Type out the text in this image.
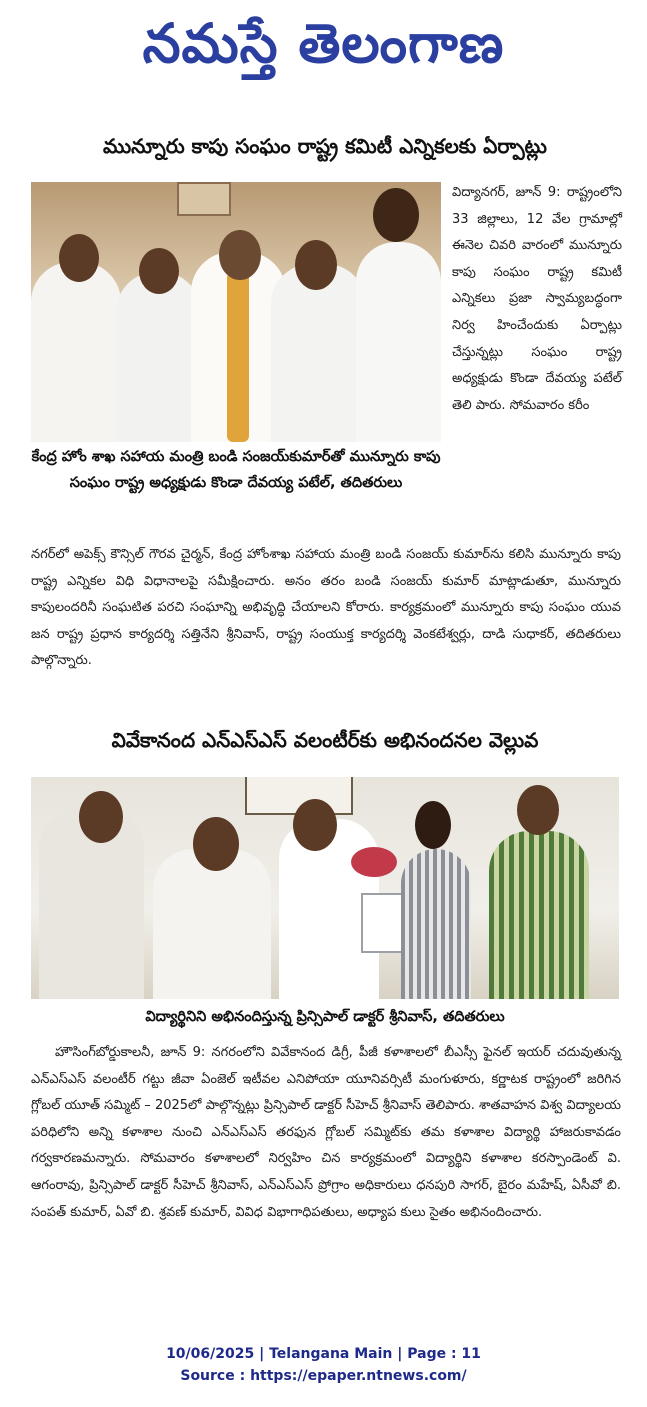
నమస్తే తెలంగాణ
మున్నూరు కాపు సంఘం రాష్ట్ర కమిటీ ఎన్నికలకు ఏర్పాట్లు
కేంద్ర హోం శాఖ సహాయ మంత్రి బండి సంజయ్‌కుమార్‌తో మున్నూరు కాపు సంఘం రాష్ట్ర అధ్యక్షుడు కొండా దేవయ్య పటేల్‌, తదితరులు

విద్యానగర్‌, జూన్‌ 9: రాష్ట్రంలోని 33 జిల్లాలు, 12 వేల గ్రామాల్లో ఈనెల చివరి వారంలో మున్నూరు కాపు సంఘం రాష్ట్ర కమిటీ ఎన్నికలు ప్రజా స్వామ్యబద్ధంగా నిర్వ హించేందుకు ఏర్పాట్లు చేస్తున్నట్లు సంఘం రాష్ట్ర అధ్యక్షుడు కొండా దేవయ్య పటేల్‌ తెలి పారు. సోమవారం కరీం

నగర్‌లో అపెక్స్‌ కౌన్సిల్‌ గౌరవ చైర్మన్‌, కేంద్ర హోంశాఖ సహాయ మంత్రి బండి సంజయ్‌ కుమార్‌ను కలిసి మున్నూరు కాపు రాష్ట్ర ఎన్నికల విధి విధానాలపై సమీక్షించారు. అనం తరం బండి సంజయ్‌ కుమార్‌ మాట్లాడుతూ, మున్నూరు కాపులందరినీ సంఘటిత పరచి సంఘాన్ని అభివృద్ధి చేయాలని కోరారు. కార్యక్రమంలో మున్నూరు కాపు సంఘం యువ జన రాష్ట్ర ప్రధాన కార్యదర్శి సత్తినేని శ్రీనివాస్‌, రాష్ట్ర సంయుక్త కార్యదర్శి వెంకటేశ్వర్లు, దాడి సుధాకర్‌, తదితరులు పాల్గొన్నారు.
వివేకానంద ఎన్‌ఎస్‌ఎస్‌ వలంటీర్‌కు అభినందనల వెల్లువ
విద్యార్థినిని అభినందిస్తున్న ప్రిన్సిపాల్‌ డాక్టర్‌ శ్రీనివాస్‌, తదితరులు
హౌసింగ్‌బోర్డుకాలనీ, జూన్‌ 9: నగరంలోని వివేకానంద డిగ్రీ, పీజీ కళాశాలలో బీఎస్సీ ఫైనల్‌ ఇయర్‌ చదువుతున్న ఎన్‌ఎస్‌ఎస్‌ వలంటీర్‌ గట్టు జీవా ఏంజెల్‌ ఇటీవల ఎనిపోయా యూనివర్సిటీ మంగుళూరు, కర్ణాటక రాష్ట్రంలో జరిగిన గ్లోబల్‌ యూత్‌ సమ్మిట్‌ – 2025లో పాల్గొన్నట్లు ప్రిన్సిపాల్‌ డాక్టర్‌ సీహెచ్‌ శ్రీనివాస్‌ తెలిపారు. శాతవాహన విశ్వ విద్యాలయ పరిధిలోని అన్ని కళాశాల నుంచి ఎన్‌ఎస్‌ఎస్‌ తరఫున గ్లోబల్‌ సమ్మిట్‌కు తమ కళాశాల విద్యార్థి హాజరుకావడం గర్వకారణమన్నారు. సోమవారం కళాశాలలో నిర్వహిం చిన కార్యక్రమంలో విద్యార్థిని కళాశాల కరస్పాండెంట్‌ వి. ఆగంరావు, ప్రిన్సిపాల్‌ డాక్టర్‌ సీహెచ్‌ శ్రీనివాస్‌, ఎన్‌ఎస్‌ఎస్‌ ప్రోగ్రాం అధికారులు ధనపురి సాగర్‌, బైరం మహేష్‌, ఏసీవో బి. సంపత్‌ కుమార్‌, ఏవో బి. శ్రవణ్‌ కుమార్‌, వివిధ విభాగాధిపతులు, అధ్యాప కులు సైతం అభినందించారు.
10/06/2025 | Telangana Main | Page : 11
Source : https://epaper.ntnews.com/
